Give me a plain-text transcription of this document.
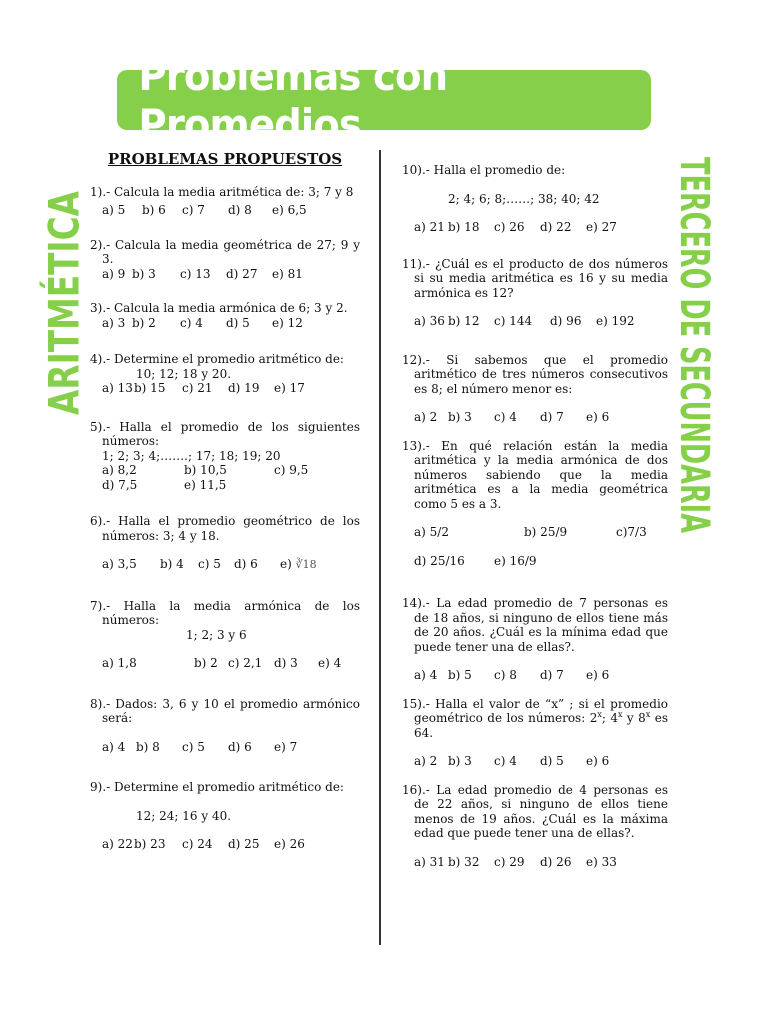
Problemas con Promedios
ARITMÉTICA	TERCERO DE SECUNDARIA
PROBLEMAS PROPUESTOS
1).- Calcula la media aritmética de: 3; 7 y 8
a) 5	b) 6	c) 7	d) 8	e) 6,5
2).- Calcula la media geométrica de 27; 9 y 3.
a) 9 b) 3	c) 13	d) 27	e) 81
3).- Calcula la media armónica de 6; 3 y 2.
a) 3 b) 2	c) 4	d) 5	e) 12
4).- Determine el promedio aritmético de:
10; 12; 18 y 20.
a) 13 b) 15	c) 21	d) 19	e) 17
5).- Halla el promedio de los siguientes números:
1; 2; 3; 4;…….; 17; 18; 19; 20
a) 8,2	b) 10,5	c) 9,5
d) 7,5	e) 11,5
6).- Halla el promedio geométrico de los números: 3; 4 y 18.
a) 3,5	b) 4	c) 5	d) 6	e) ∛18
7).- Halla la media armónica de los números:
1; 2; 3 y 6
a) 1,8	b) 2 c) 2,1 d) 3	e) 4
8).- Dados: 3, 6 y 10 el promedio armónico será:
a) 4 b) 8	c) 5	d) 6	e) 7
9).- Determine el promedio aritmético de:
12; 24; 16 y 40.
a) 22 b) 23	c) 24	d) 25	e) 26
10).- Halla el promedio de:
2; 4; 6; 8;……; 38; 40; 42
a) 21 b) 18	c) 26	d) 22	e) 27
11).- ¿Cuál es el producto de dos números si su media aritmética es 16 y su media armónica es 12?
a) 36 b) 12	c) 144	d) 96	e) 192
12).- Si sabemos que el promedio aritmético de tres números consecutivos es 8; el número menor es:
a) 2 b) 3	c) 4	d) 7	e) 6
13).- En qué relación están la media aritmética y la media armónica de dos números sabiendo que la media aritmética es a la media geométrica como 5 es a 3.
a) 5/2	b) 25/9	c)7/3
d) 25/16	e) 16/9
14).- La edad promedio de 7 personas es de 18 años, si ninguno de ellos tiene más de 20 años. ¿Cuál es la mínima edad que puede tener una de ellas?.
a) 4 b) 5	c) 8	d) 7	e) 6
15).- Halla el valor de “x” ; si el promedio geométrico de los números: 2$^x$; 4$^x$ y 8$^x$ es 64.
a) 2 b) 3	c) 4	d) 5	e) 6
16).- La edad promedio de 4 personas es de 22 años, si ninguno de ellos tiene menos de 19 años. ¿Cuál es la máxima edad que puede tener una de ellas?.
a) 31 b) 32	c) 29	d) 26	e) 33
